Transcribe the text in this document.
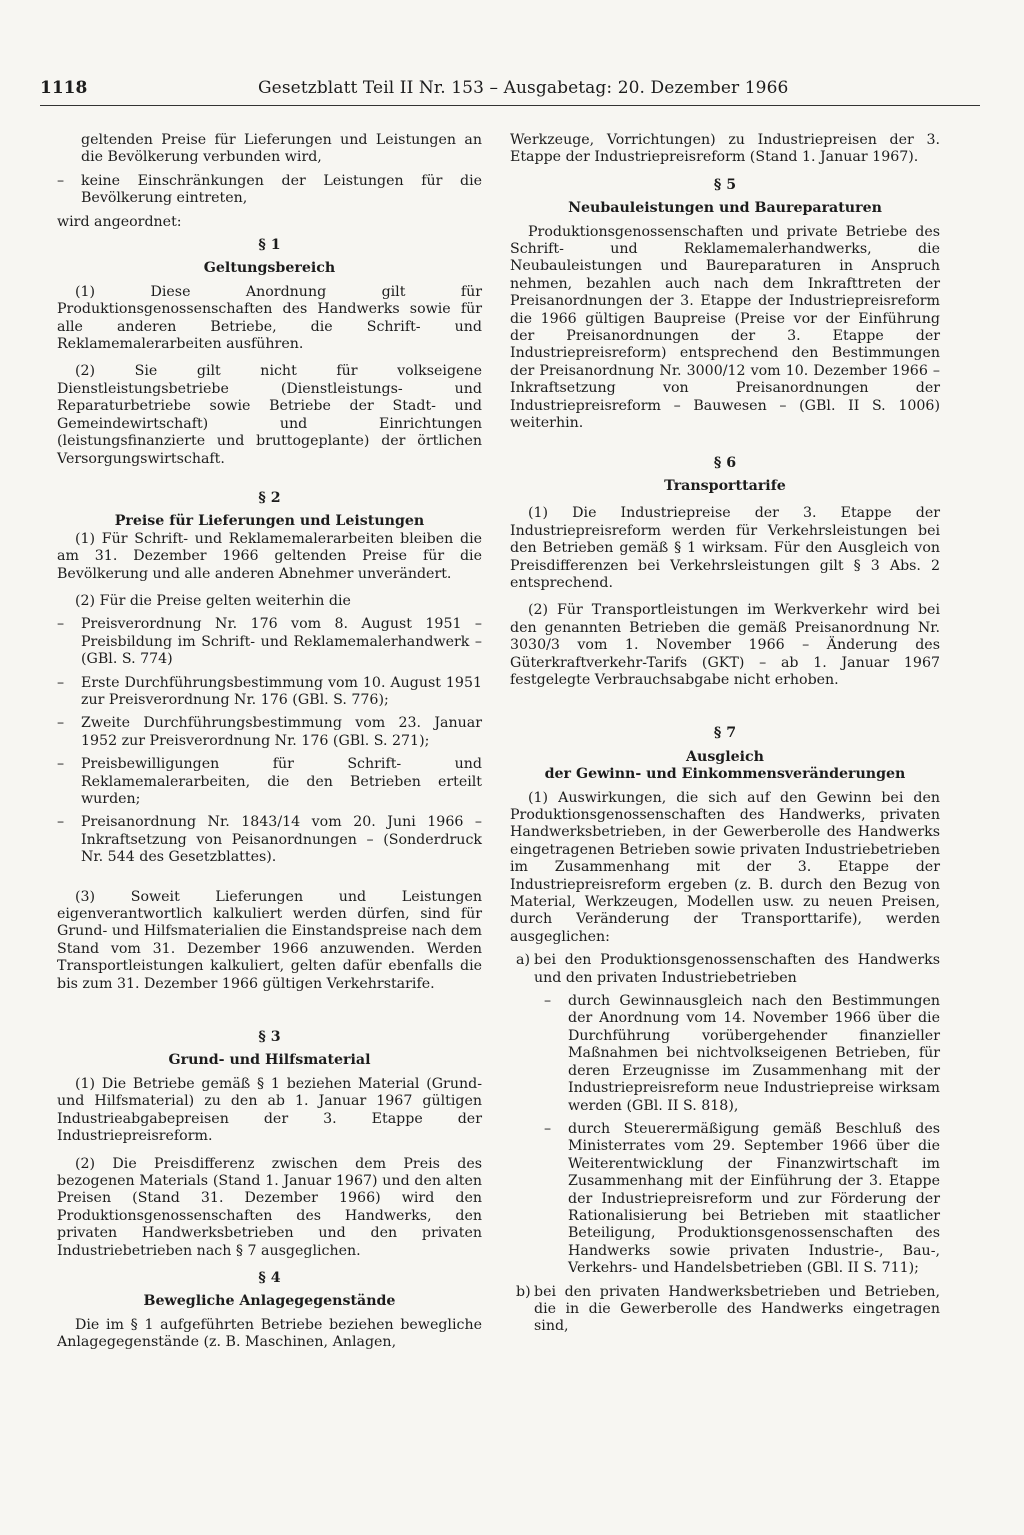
1118	Gesetzblatt Teil II Nr. 153 – Ausgabetag: 20. Dezember 1966

geltenden Preise für Lieferungen und Leistungen an die Bevölkerung verbunden wird,

– keine Einschränkungen der Leistungen für die Bevölkerung eintreten,

wird angeordnet:

§ 1
Geltungsbereich

(1) Diese Anordnung gilt für Produktionsgenossenschaften des Handwerks sowie für alle anderen Betriebe, die Schrift- und Reklamemalerarbeiten ausführen.

(2) Sie gilt nicht für volkseigene Dienstleistungsbetriebe (Dienstleistungs- und Reparaturbetriebe sowie Betriebe der Stadt- und Gemeindewirtschaft) und Einrichtungen (leistungsfinanzierte und bruttogeplante) der örtlichen Versorgungswirtschaft.

§ 2
Preise für Lieferungen und Leistungen

(1) Für Schrift- und Reklamemalerarbeiten bleiben die am 31. Dezember 1966 geltenden Preise für die Bevölkerung und alle anderen Abnehmer unverändert.

(2) Für die Preise gelten weiterhin die

– Preisverordnung Nr. 176 vom 8. August 1951 – Preisbildung im Schrift- und Reklamemalerhandwerk – (GBl. S. 774)

– Erste Durchführungsbestimmung vom 10. August 1951 zur Preisverordnung Nr. 176 (GBl. S. 776);

– Zweite Durchführungsbestimmung vom 23. Januar 1952 zur Preisverordnung Nr. 176 (GBl. S. 271);

– Preisbewilligungen für Schrift- und Reklamemalerarbeiten, die den Betrieben erteilt wurden;

– Preisanordnung Nr. 1843/14 vom 20. Juni 1966 – Inkraftsetzung von Peisanordnungen – (Sonderdruck Nr. 544 des Gesetzblattes).

(3) Soweit Lieferungen und Leistungen eigenverantwortlich kalkuliert werden dürfen, sind für Grund- und Hilfsmaterialien die Einstandspreise nach dem Stand vom 31. Dezember 1966 anzuwenden. Werden Transportleistungen kalkuliert, gelten dafür ebenfalls die bis zum 31. Dezember 1966 gültigen Verkehrstarife.

§ 3
Grund- und Hilfsmaterial

(1) Die Betriebe gemäß § 1 beziehen Material (Grund- und Hilfsmaterial) zu den ab 1. Januar 1967 gültigen Industrieabgabepreisen der 3. Etappe der Industriepreisreform.

(2) Die Preisdifferenz zwischen dem Preis des bezogenen Materials (Stand 1. Januar 1967) und den alten Preisen (Stand 31. Dezember 1966) wird den Produktionsgenossenschaften des Handwerks, den privaten Handwerksbetrieben und den privaten Industriebetrieben nach § 7 ausgeglichen.

§ 4
Bewegliche Anlagegegenstände

Die im § 1 aufgeführten Betriebe beziehen bewegliche Anlagegegenstände (z. B. Maschinen, Anlagen,

Werkzeuge, Vorrichtungen) zu Industriepreisen der 3. Etappe der Industriepreisreform (Stand 1. Januar 1967).

§ 5
Neubauleistungen und Baureparaturen

Produktionsgenossenschaften und private Betriebe des Schrift- und Reklamemalerhandwerks, die Neubauleistungen und Baureparaturen in Anspruch nehmen, bezahlen auch nach dem Inkrafttreten der Preisanordnungen der 3. Etappe der Industriepreisreform die 1966 gültigen Baupreise (Preise vor der Einführung der Preisanordnungen der 3. Etappe der Industriepreisreform) entsprechend den Bestimmungen der Preisanordnung Nr. 3000/12 vom 10. Dezember 1966 – Inkraftsetzung von Preisanordnungen der Industriepreisreform – Bauwesen – (GBl. II S. 1006) weiterhin.

§ 6
Transporttarife

(1) Die Industriepreise der 3. Etappe der Industriepreisreform werden für Verkehrsleistungen bei den Betrieben gemäß § 1 wirksam. Für den Ausgleich von Preisdifferenzen bei Verkehrsleistungen gilt § 3 Abs. 2 entsprechend.

(2) Für Transportleistungen im Werkverkehr wird bei den genannten Betrieben die gemäß Preisanordnung Nr. 3030/3 vom 1. November 1966 – Änderung des Güterkraftverkehr-Tarifs (GKT) – ab 1. Januar 1967 festgelegte Verbrauchsabgabe nicht erhoben.

§ 7
Ausgleich
der Gewinn- und Einkommensveränderungen

(1) Auswirkungen, die sich auf den Gewinn bei den Produktionsgenossenschaften des Handwerks, privaten Handwerksbetrieben, in der Gewerberolle des Handwerks eingetragenen Betrieben sowie privaten Industriebetrieben im Zusammenhang mit der 3. Etappe der Industriepreisreform ergeben (z. B. durch den Bezug von Material, Werkzeugen, Modellen usw. zu neuen Preisen, durch Veränderung der Transporttarife), werden ausgeglichen:

a) bei den Produktionsgenossenschaften des Handwerks und den privaten Industriebetrieben

– durch Gewinnausgleich nach den Bestimmungen der Anordnung vom 14. November 1966 über die Durchführung vorübergehender finanzieller Maßnahmen bei nichtvolkseigenen Betrieben, für deren Erzeugnisse im Zusammenhang mit der Industriepreisreform neue Industriepreise wirksam werden (GBl. II S. 818),

– durch Steuerermäßigung gemäß Beschluß des Ministerrates vom 29. September 1966 über die Weiterentwicklung der Finanzwirtschaft im Zusammenhang mit der Einführung der 3. Etappe der Industriepreisreform und zur Förderung der Rationalisierung bei Betrieben mit staatlicher Beteiligung, Produktionsgenossenschaften des Handwerks sowie privaten Industrie-, Bau-, Verkehrs- und Handelsbetrieben (GBl. II S. 711);

b) bei den privaten Handwerksbetrieben und Betrieben, die in die Gewerberolle des Handwerks eingetragen sind,
